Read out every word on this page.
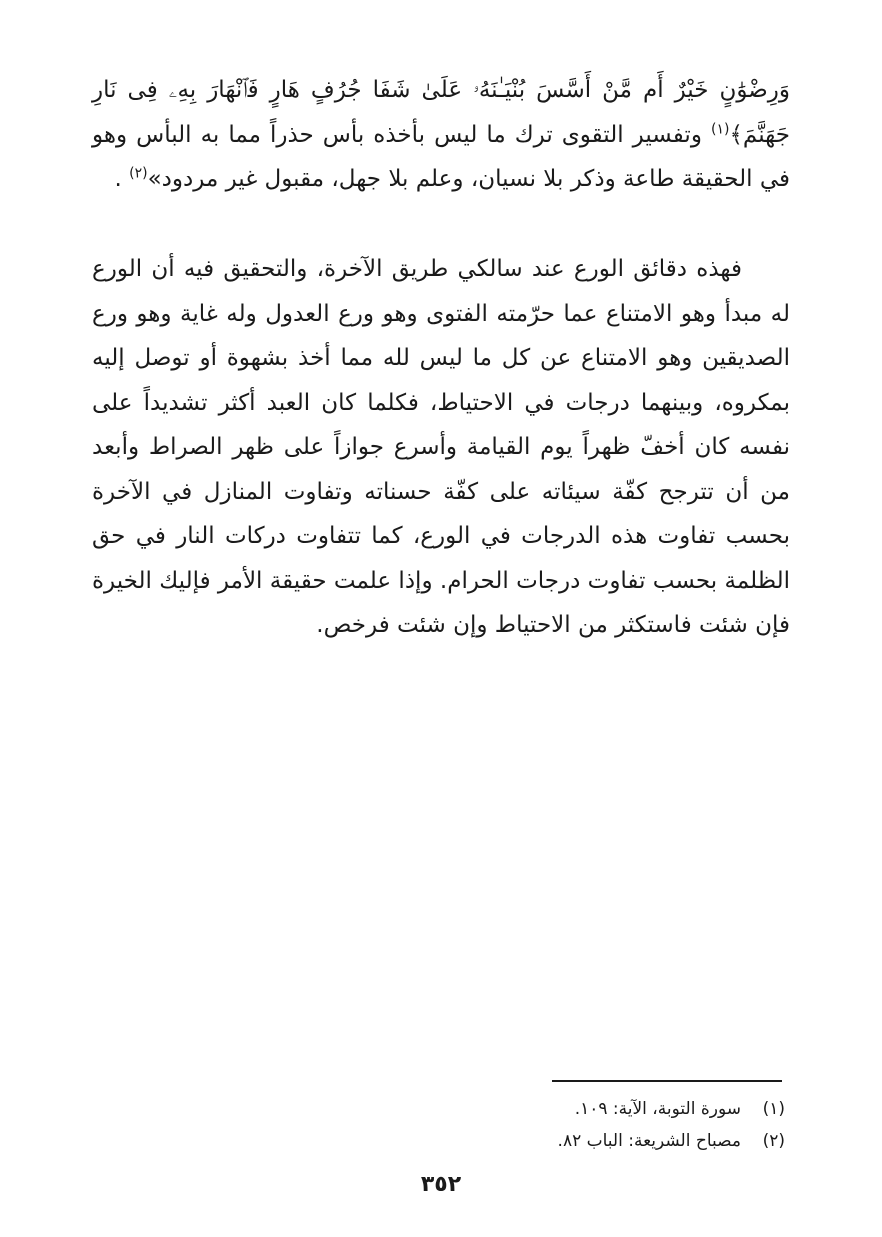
وَرِضْوَٰنٍ خَيْرٌ أَم مَّنْ أَسَّسَ بُنْيَـٰنَهُۥ عَلَىٰ شَفَا جُرُفٍ هَارٍ فَٱنْهَارَ بِهِۦ فِى نَارِ جَهَنَّمَ﴾$^{(١)}$ وتفسير التقوى ترك ما ليس بأخذه بأس حذراً مما به البأس وهو في الحقيقة طاعة وذكر بلا نسيان، وعلم بلا جهل، مقبول غير مردود»$^{(٢)}$ .

فهذه دقائق الورع عند سالكي طريق الآخرة، والتحقيق فيه أن الورع له مبدأ وهو الامتناع عما حرّمته الفتوى وهو ورع العدول وله غاية وهو ورع الصديقين وهو الامتناع عن كل ما ليس لله مما أخذ بشهوة أو توصل إليه بمكروه، وبينهما درجات في الاحتياط، فكلما كان العبد أكثر تشديداً على نفسه كان أخفّ ظهراً يوم القيامة وأسرع جوازاً على ظهر الصراط وأبعد من أن تترجح كفّة سيئاته على كفّة حسناته وتفاوت المنازل في الآخرة بحسب تفاوت هذه الدرجات في الورع، كما تتفاوت دركات النار في حق الظلمة بحسب تفاوت درجات الحرام. وإذا علمت حقيقة الأمر فإليك الخيرة فإن شئت فاستكثر من الاحتياط وإن شئت فرخص.

(١)سورة التوبة، الآية: ١٠٩.
(٢)مصباح الشريعة: الباب ٨٢.
٣٥٢
